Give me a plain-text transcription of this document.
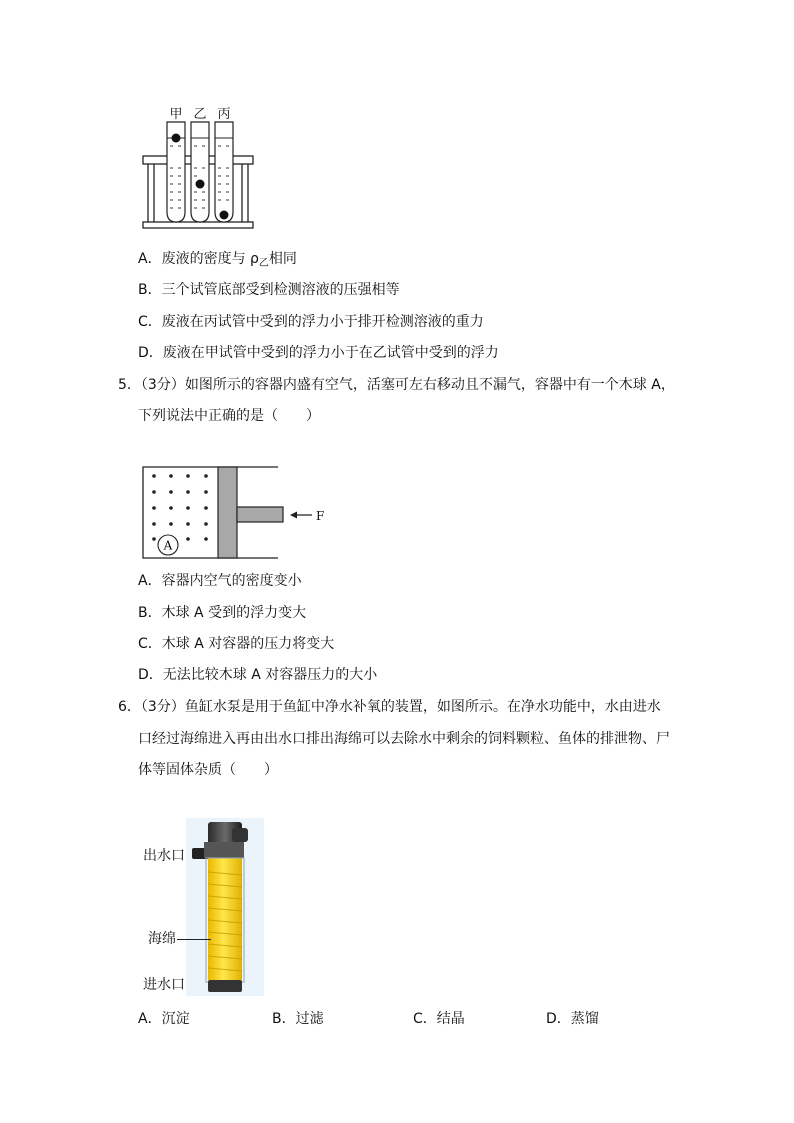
甲 乙 丙
A．废液的密度与 $\rho_乙$相同
B．三个试管底部受到检测溶液的压强相等
C．废液在丙试管中受到的浮力小于排开检测溶液的重力
D．废液在甲试管中受到的浮力小于在乙试管中受到的浮力
5．（3分）如图所示的容器内盛有空气，活塞可左右移动且不漏气，容器中有一个木球 A，
下列说法中正确的是（　　）
F
A
A．容器内空气的密度变小
B．木球 A 受到的浮力变大
C．木球 A 对容器的压力将变大
D．无法比较木球 A 对容器压力的大小
6．（3分）鱼缸水泵是用于鱼缸中净水补氧的装置，如图所示。在净水功能中，水由进水
口经过海绵进入再由出水口排出海绵可以去除水中剩余的饲料颗粒、鱼体的排泄物、尸
体等固体杂质（　　）
出水口
海绵
进水口
A．沉淀	B．过滤	C．结晶	D．蒸馏
